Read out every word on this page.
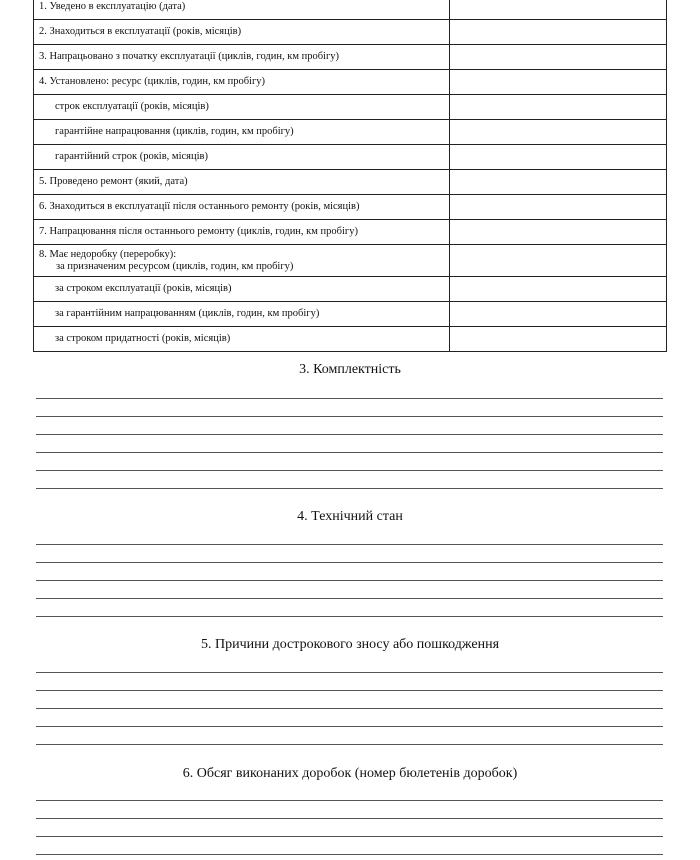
1. Уведено в експлуатацію (дата)	
2. Знаходиться в експлуатації (років, місяців)	
3. Напрацьовано з початку експлуатації (циклів, годин, км пробігу)	
4. Установлено: ресурс (циклів, годин, км пробігу)	
строк експлуатації (років, місяців)	
гарантійне напрацювання (циклів, годин, км пробігу)	
гарантійний строк (років, місяців)	
5. Проведено ремонт (який, дата)	
6. Знаходиться в експлуатації після останнього ремонту (років, місяців)	
7. Напрацювання після останнього ремонту (циклів, годин, км пробігу)	
8. Має недоробку (переробку):
за призначеним ресурсом (циклів, годин, км пробігу)	

за строком експлуатації (років, місяців)	
за гарантійним напрацюванням (циклів, годин, км пробігу)	
за строком придатності (років, місяців)	
3. Комплектність
4. Технічний стан
5. Причини дострокового зносу або пошкодження
6. Обсяг виконаних доробок (номер бюлетенів доробок)
